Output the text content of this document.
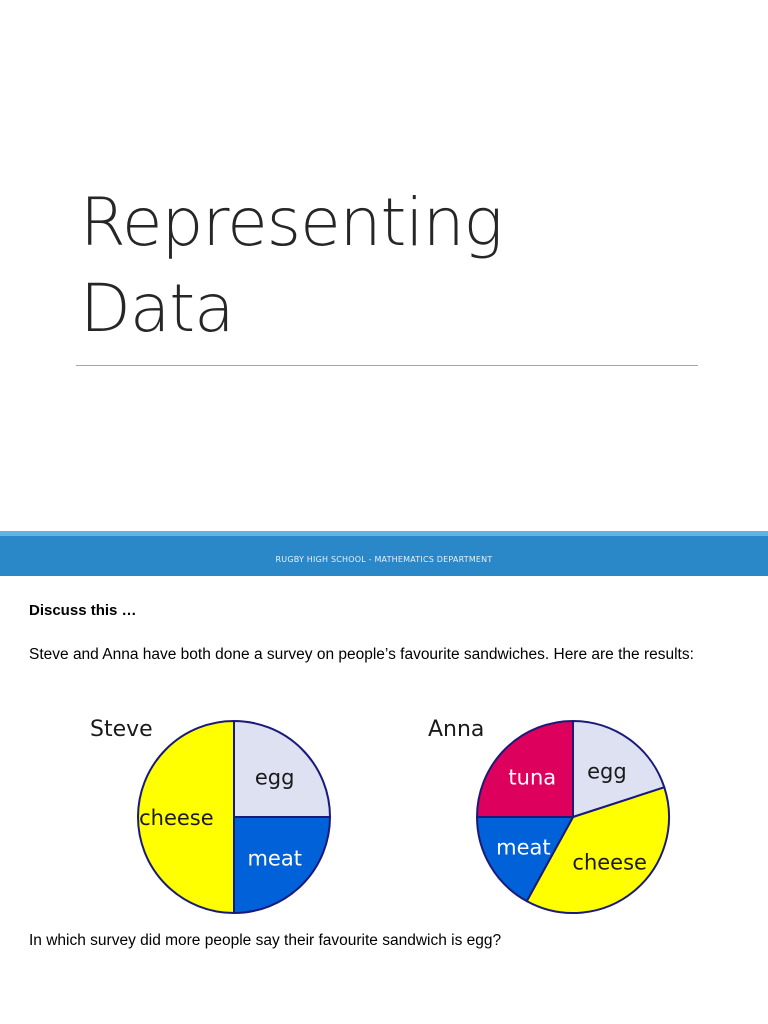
Representing
Data
RUGBY HIGH SCHOOL - MATHEMATICS DEPARTMENT
Discuss this …
Steve and Anna have both done a survey on people’s favourite sandwiches. Here are the results:
egg
meat
cheese
Steve
egg
cheese
meat
tuna
Anna
In which survey did more people say their favourite sandwich is egg?
